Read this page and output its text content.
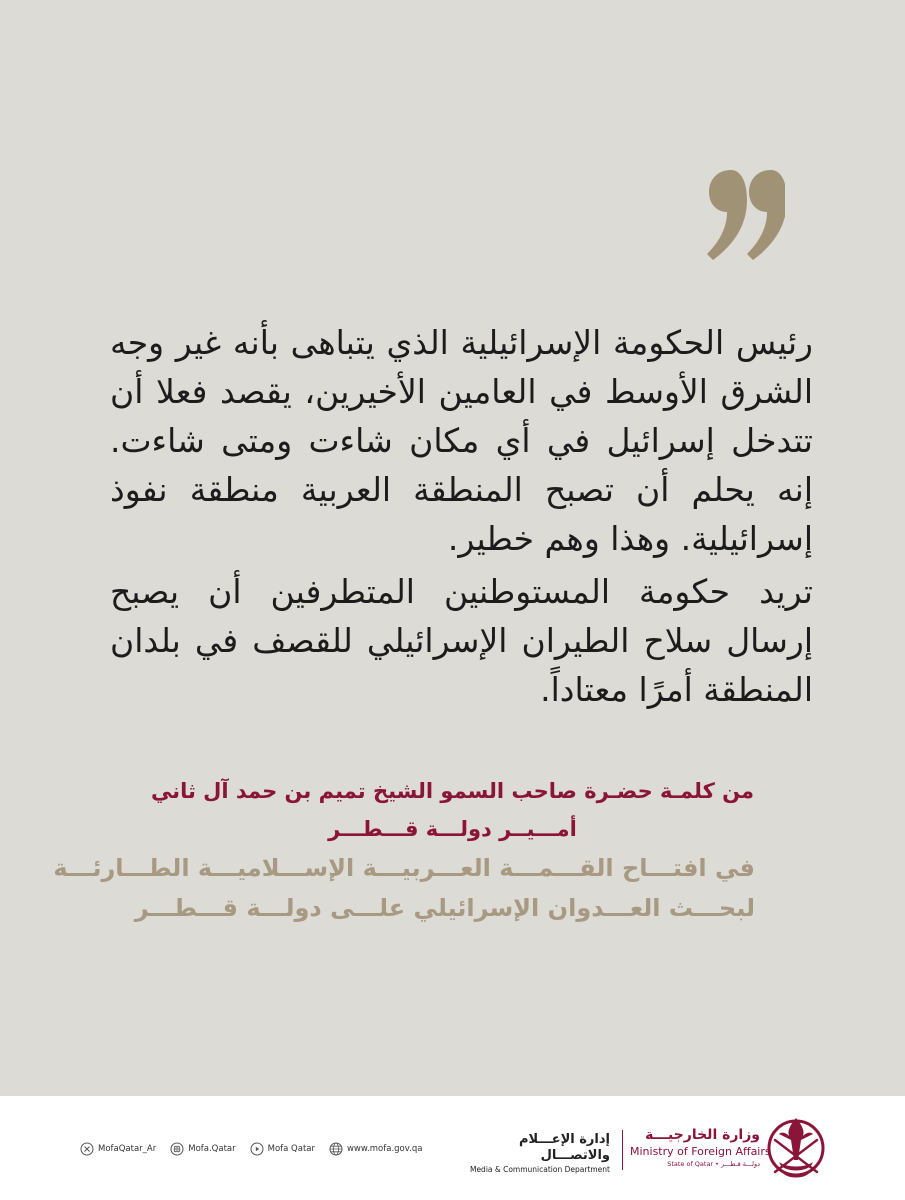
رئيس الحكومة الإسرائيلية الذي يتباهى بأنه غير وجه الشرق الأوسط في العامين الأخيرين، يقصد فعلا أن تتدخل إسرائيل في أي مكان شاءت ومتى شاءت. إنه يحلم أن تصبح المنطقة العربية منطقة نفوذ إسرائيلية. وهذا وهم خطير.

تريد حكومة المستوطنين المتطرفين أن يصبح إرسال سلاح الطيران الإسرائيلي للقصف في بلدان المنطقة أمرًا معتاداً.

من كلمـة حضـرة صاحب السمو الشيخ تميم بن حمد آل ثاني
أمـــيــر دولـــة قـــطـــر
في افتـــاح القـــمـــة العـــربيـــة الإســـلاميـــة الطـــارئـــة
لبحـــث العـــدوان الإسرائيلي علـــى دولـــة قـــطـــر
MofaQatar_Ar	Mofa.Qatar	Mofa Qatar	www.mofa.gov.qa
إدارة الإعـــلام والاتصـــال
Media & Communication Department
وزارة الخارجيـــة
Ministry of Foreign Affairs
State of Qatar • دولـــة قـطـــر
